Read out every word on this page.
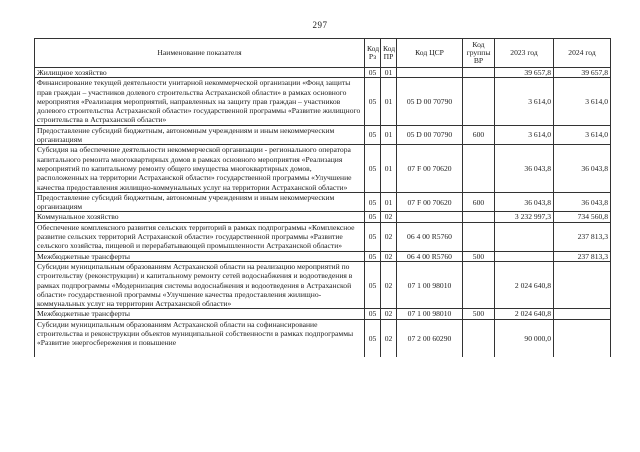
297
Наименование показателя	Код Рз	Код ПР	Код ЦСР	Код группы ВР	2023 год	2024 год
Жилищное хозяйство	05	01			39 657,8	39 657,8
Финансирование текущей деятельности унитарной некоммерческой организации «Фонд защиты прав граждан – участников долевого строительства Астраханской области» в рамках основного мероприятия «Реализация мероприятий, направленных на защиту прав граждан – участников долевого строительства Астраханской области» государственной программы «Развитие жилищного строительства в Астраханской области»	05	01	05 D 00 70790		3 614,0	3 614,0
Предоставление субсидий бюджетным, автономным учреждениям и иным некоммерческим организациям	05	01	05 D 00 70790	600	3 614,0	3 614,0
Субсидия на обеспечение деятельности некоммерческой организации - регионального оператора капитального ремонта многоквартирных домов в рамках основного мероприятия «Реализация мероприятий по капитальному ремонту общего имущества многоквартирных домов, расположенных на территории Астраханской области» государственной программы «Улучшение качества предоставления жилищно-коммунальных услуг на территории Астраханской области»	05	01	07 F 00 70620		36 043,8	36 043,8
Предоставление субсидий бюджетным, автономным учреждениям и иным некоммерческим организациям	05	01	07 F 00 70620	600	36 043,8	36 043,8
Коммунальное хозяйство	05	02			3 232 997,3	734 560,8
Обеспечение комплексного развития сельских территорий в рамках подпрограммы «Комплексное развитие сельских территорий Астраханской области» государственной программы «Развитие сельского хозяйства, пищевой и перерабатывающей промышленности Астраханской области»	05	02	06 4 00 R5760			237 813,3
Межбюджетные трансферты	05	02	06 4 00 R5760	500		237 813,3
Субсидии муниципальным образованиям Астраханской области на реализацию мероприятий по строительству (реконструкции) и капитальному ремонту сетей водоснабжения и водоотведения в рамках подпрограммы «Модернизация системы водоснабжения и водоотведения в Астраханской области» государственной программы «Улучшение качества предоставления жилищно-коммунальных услуг на территории Астраханской области»	05	02	07 1 00 98010		2 024 640,8	
Межбюджетные трансферты	05	02	07 1 00 98010	500	2 024 640,8	

Субсидии муниципальным образованиям Астраханской области на софинансирование строительства и реконструкции объектов муниципальной собственности в рамках подпрограммы «Развитие энергосбережения и повышение	05	02	07 2 00 60290		90 000,0	
